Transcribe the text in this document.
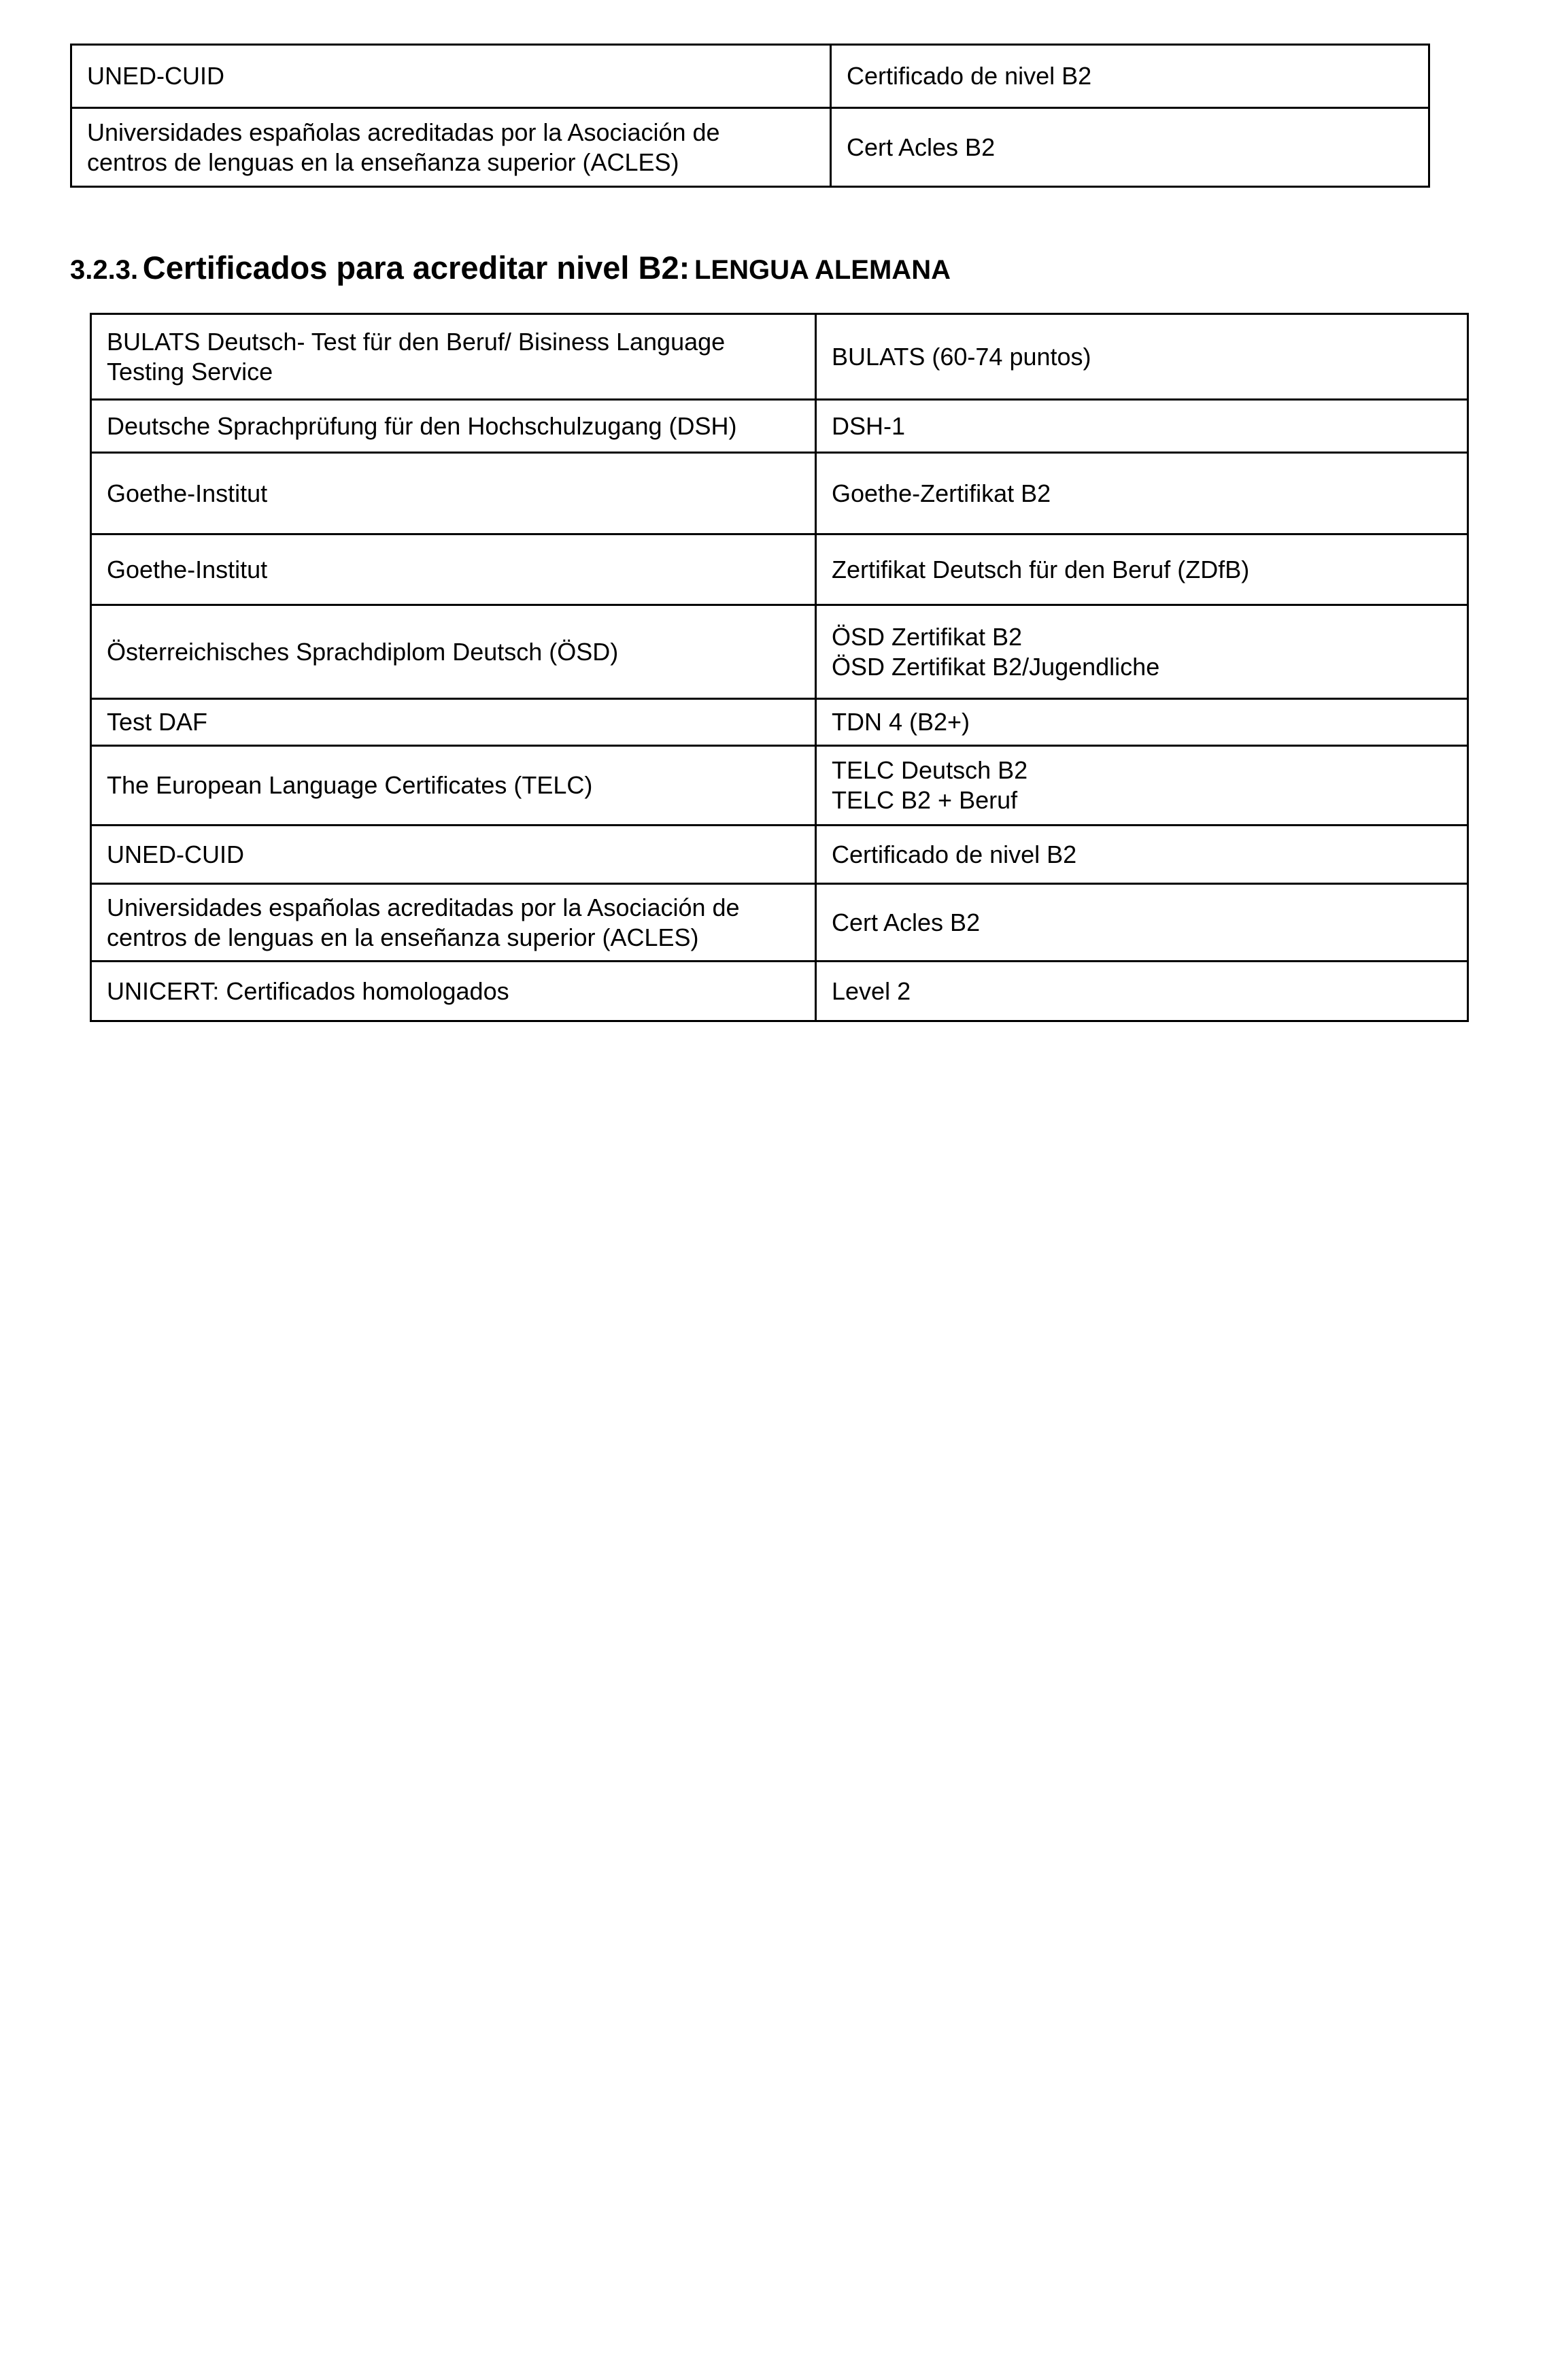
UNED-CUID	Certificado de nivel B2

Universidades españolas acreditadas por la Asociación de
centros de lenguas en la enseñanza superior (ACLES)	Cert Acles B2
3.2.3. Certificados para acreditar nivel B2: LENGUA ALEMANA
BULATS Deutsch- Test für den Beruf/ Bisiness Language
Testing Service	BULATS (60-74 puntos)

Deutsche Sprachprüfung für den Hochschulzugang (DSH)	DSH-1

Goethe-Institut	Goethe-Zertifikat B2

Goethe-Institut	Zertifikat Deutsch für den Beruf (ZDfB)

Österreichisches Sprachdiplom Deutsch (ÖSD)	ÖSD Zertifikat B2
ÖSD Zertifikat B2/Jugendliche

Test DAF	TDN 4 (B2+)

The European Language Certificates (TELC)	TELC Deutsch B2
TELC B2 + Beruf

UNED-CUID	Certificado de nivel B2

Universidades españolas acreditadas por la Asociación de
centros de lenguas en la enseñanza superior (ACLES)	Cert Acles B2

UNICERT: Certificados homologados	Level 2
